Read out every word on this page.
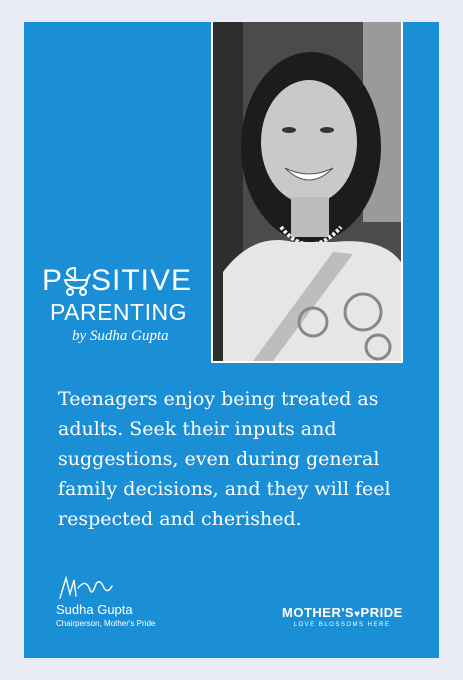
P SITIVE
PARENTING
by Sudha Gupta
Teenagers enjoy being treated as adults. Seek their inputs and suggestions, even during general family decisions, and they will feel respected and cherished.
Sudha Gupta
Chairperson, Mother's Pride
MOTHER'S♥PRIDE
LOVE BLOSSOMS HERE
